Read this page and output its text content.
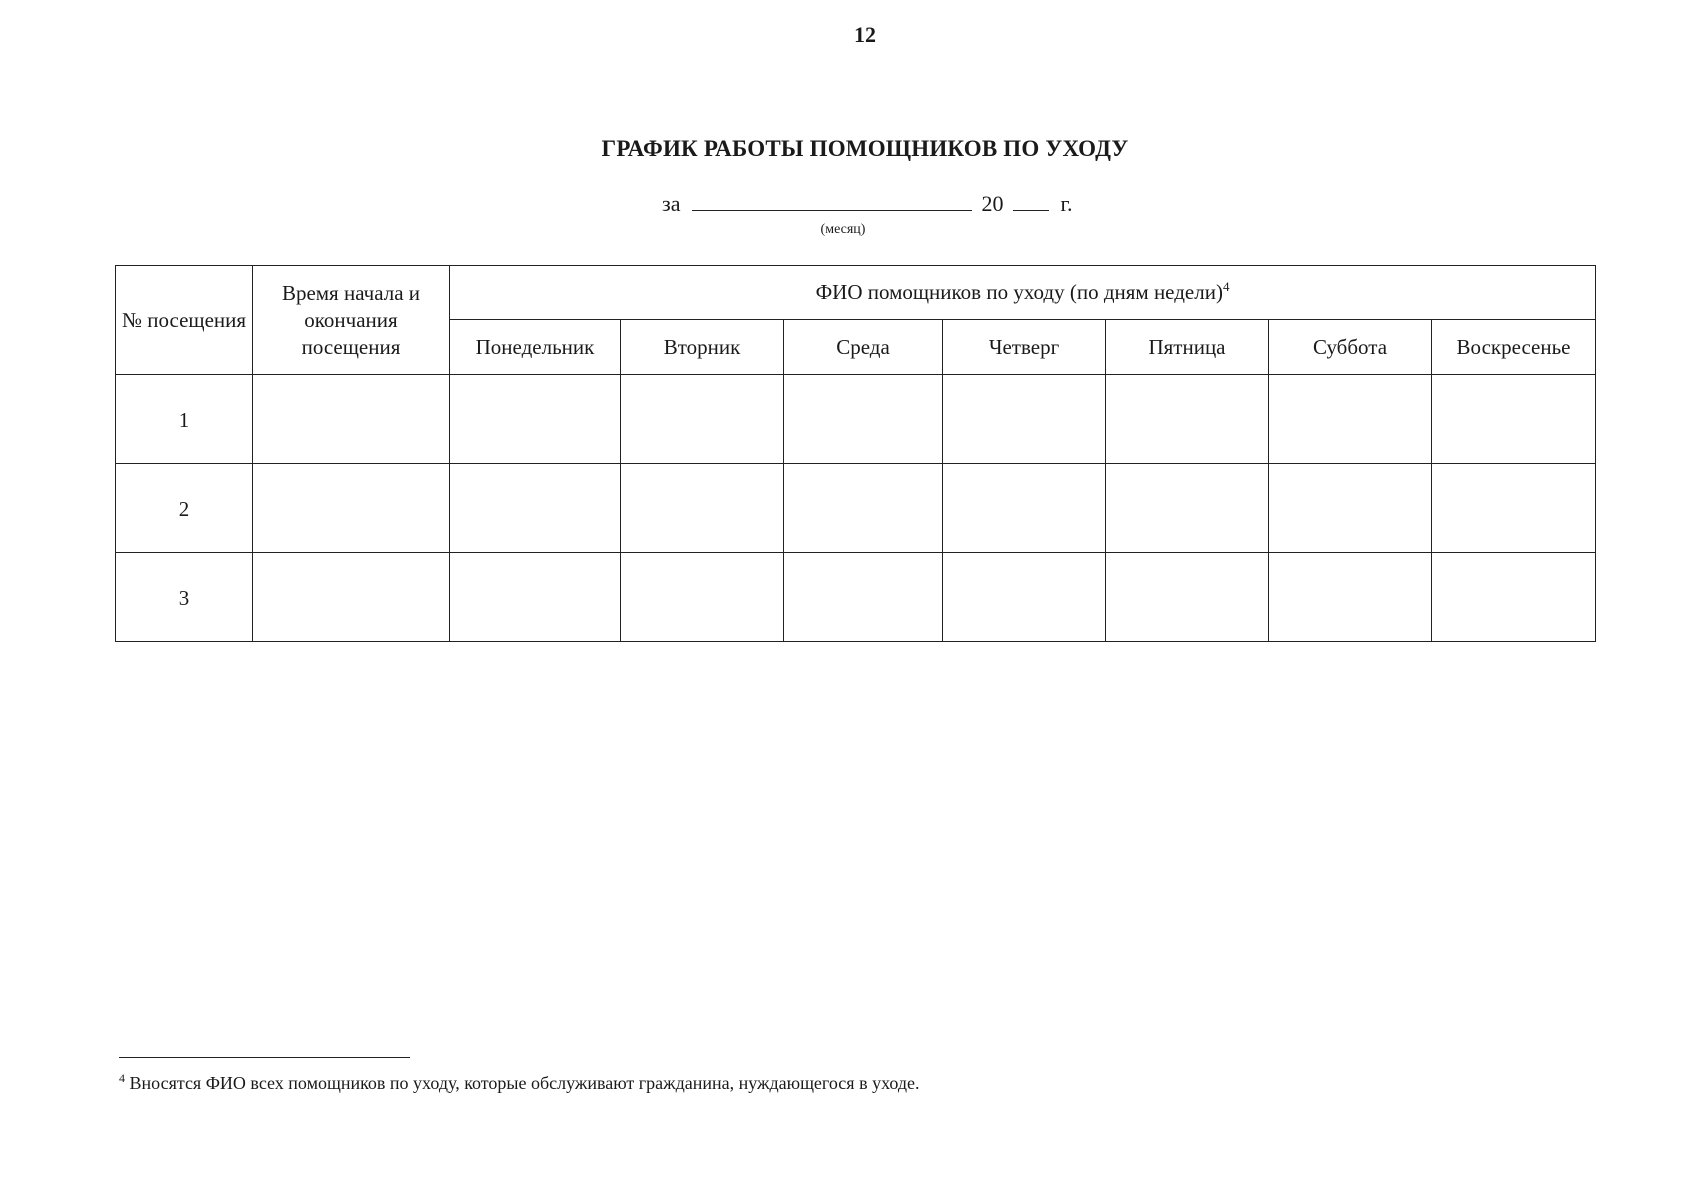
12
ГРАФИК РАБОТЫ ПОМОЩНИКОВ ПО УХОДУ
за	20	г.
(месяц)
№ посещения	Время начала и окончания посещения	ФИО помощников по уходу (по дням недели)$^4$
		Понедельник	Вторник	Среда	Четверг	Пятница	Суббота	Воскресенье
1								
2								
3								
$^4$ Вносятся ФИО всех помощников по уходу, которые обслуживают гражданина, нуждающегося в уходе.
